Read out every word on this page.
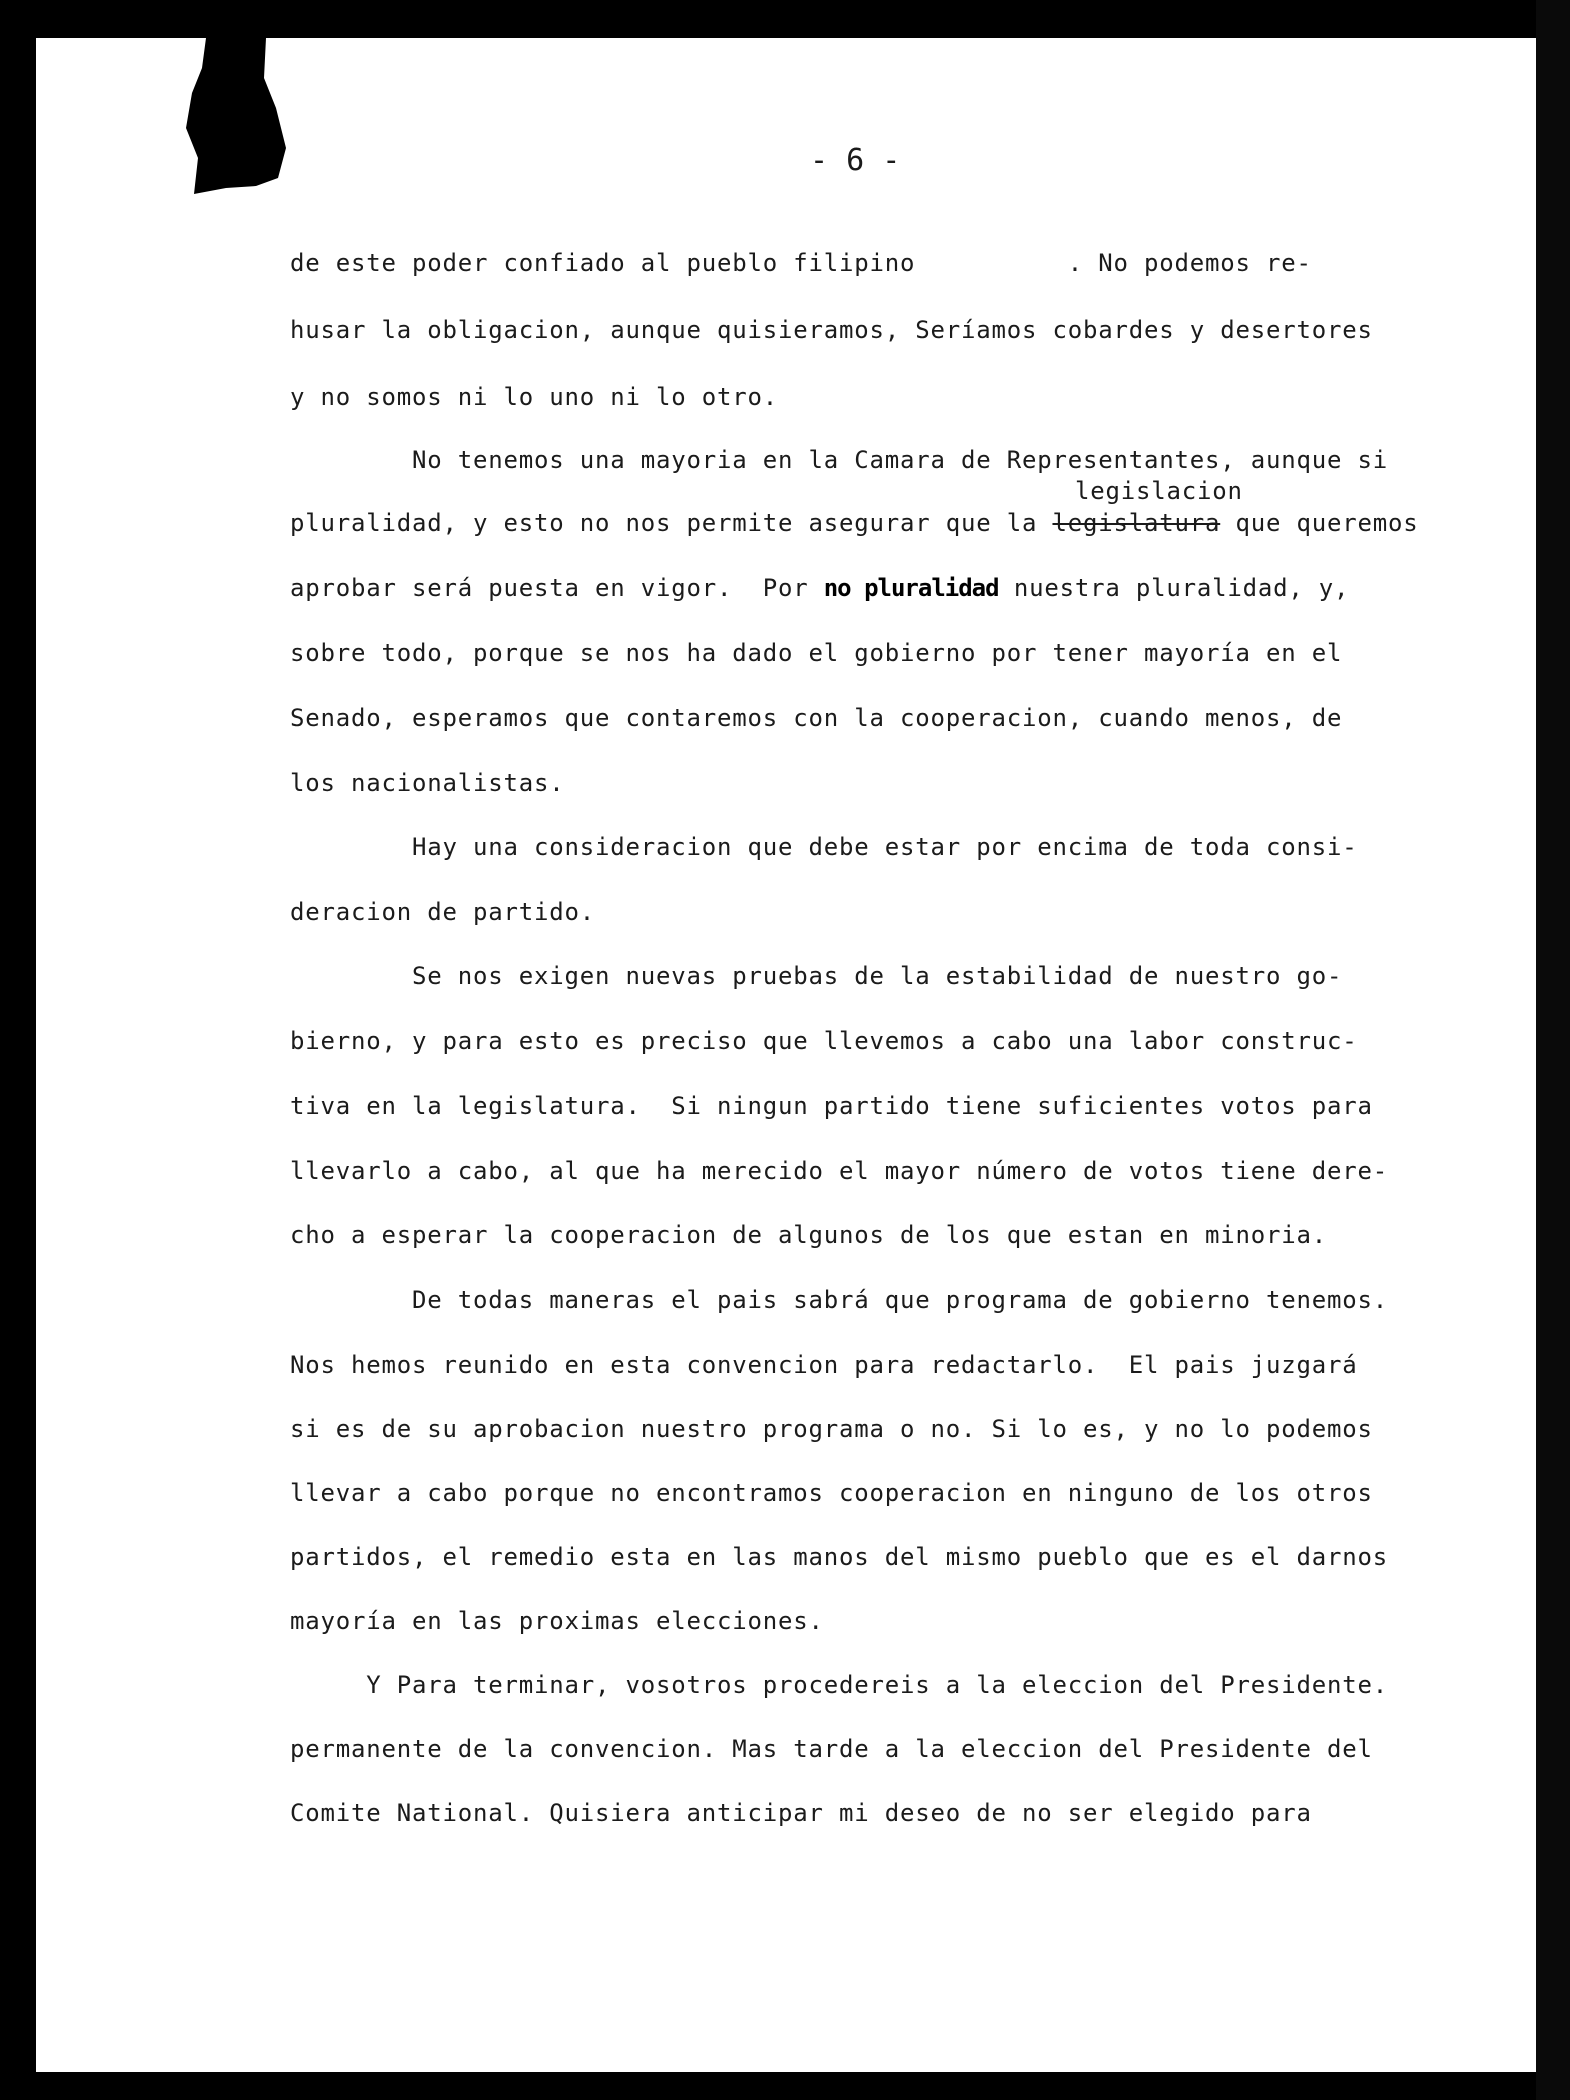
- 6 -
de este poder confiado al pueblo filipino          . No podemos re-
husar la obligacion, aunque quisieramos, Seríamos cobardes y desertores
y no somos ni lo uno ni lo otro.
No tenemos una mayoria en la Camara de Representantes, aunque si
legislacion
pluralidad, y esto no nos permite asegurar que la legislatura que queremos
aprobar será puesta en vigor.  Por no pluralidad nuestra pluralidad, y,
sobre todo, porque se nos ha dado el gobierno por tener mayoría en el
Senado, esperamos que contaremos con la cooperacion, cuando menos, de
los nacionalistas.
Hay una consideracion que debe estar por encima de toda consi-
deracion de partido.
Se nos exigen nuevas pruebas de la estabilidad de nuestro go-
bierno, y para esto es preciso que llevemos a cabo una labor construc-
tiva en la legislatura.  Si ningun partido tiene suficientes votos para
llevarlo a cabo, al que ha merecido el mayor número de votos tiene dere-
cho a esperar la cooperacion de algunos de los que estan en minoria.
De todas maneras el pais sabrá que programa de gobierno tenemos.
Nos hemos reunido en esta convencion para redactarlo.  El pais juzgará
si es de su aprobacion nuestro programa o no. Si lo es, y no lo podemos
llevar a cabo porque no encontramos cooperacion en ninguno de los otros
partidos, el remedio esta en las manos del mismo pueblo que es el darnos
mayoría en las proximas elecciones.
Y Para terminar, vosotros procedereis a la eleccion del Presidente.
permanente de la convencion. Mas tarde a la eleccion del Presidente del
Comite National. Quisiera anticipar mi deseo de no ser elegido para
